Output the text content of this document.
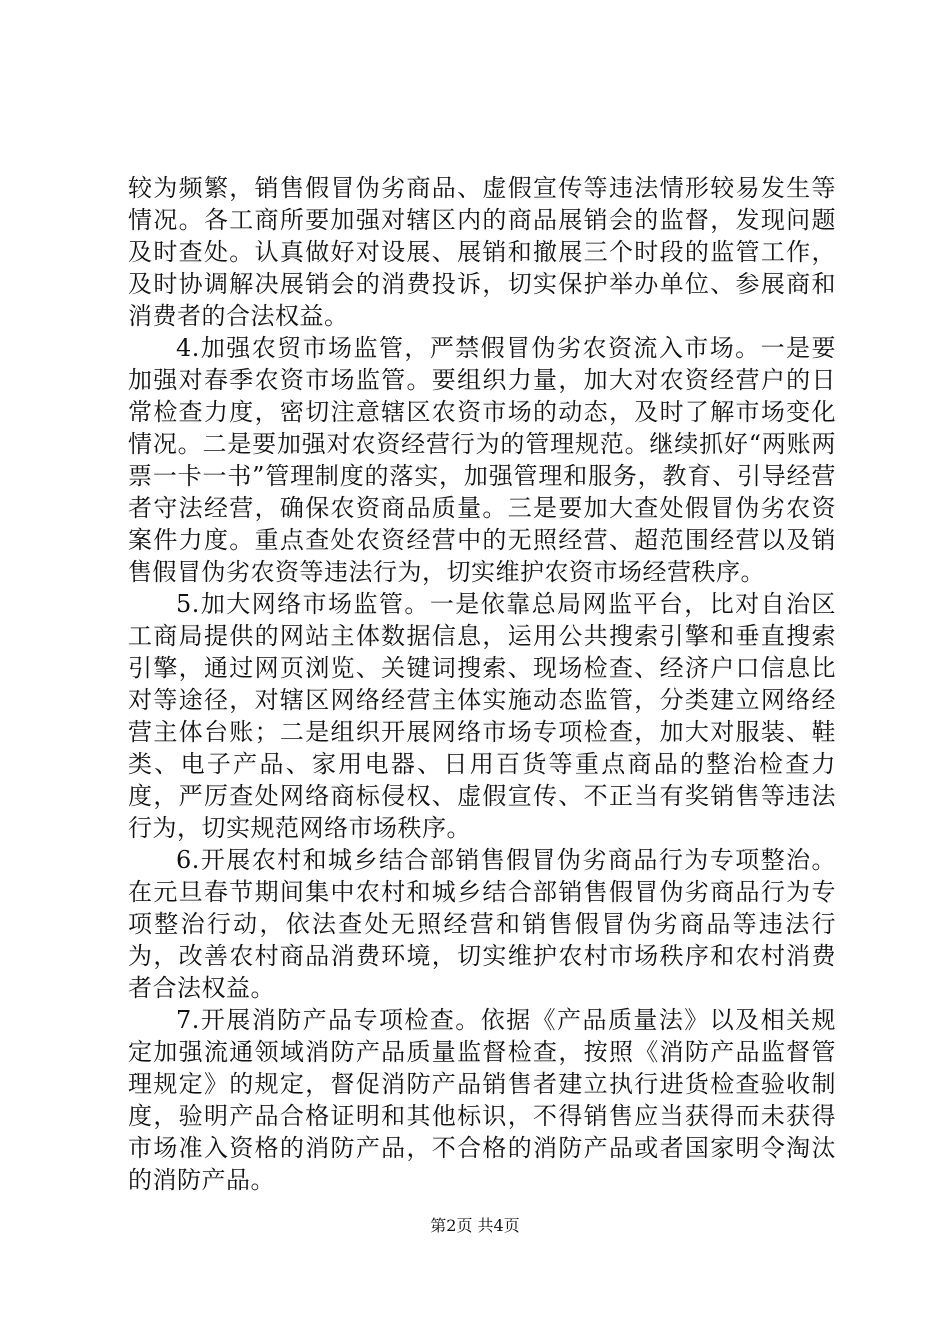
较为频繁，销售假冒伪劣商品、虚假宣传等违法情形较易发生等情况。各工商所要加强对辖区内的商品展销会的监督，发现问题及时查处。认真做好对设展、展销和撤展三个时段的监管工作，及时协调解决展销会的消费投诉，切实保护举办单位、参展商和消费者的合法权益。

4.加强农贸市场监管，严禁假冒伪劣农资流入市场。一是要加强对春季农资市场监管。要组织力量，加大对农资经营户的日常检查力度，密切注意辖区农资市场的动态，及时了解市场变化情况。二是要加强对农资经营行为的管理规范。继续抓好“两账两票一卡一书”管理制度的落实，加强管理和服务，教育、引导经营者守法经营，确保农资商品质量。三是要加大查处假冒伪劣农资案件力度。重点查处农资经营中的无照经营、超范围经营以及销售假冒伪劣农资等违法行为，切实维护农资市场经营秩序。

5.加大网络市场监管。一是依靠总局网监平台，比对自治区工商局提供的网站主体数据信息，运用公共搜索引擎和垂直搜索引擎，通过网页浏览、关键词搜索、现场检查、经济户口信息比对等途径，对辖区网络经营主体实施动态监管，分类建立网络经营主体台账；二是组织开展网络市场专项检查，加大对服装、鞋类、电子产品、家用电器、日用百货等重点商品的整治检查力度，严厉查处网络商标侵权、虚假宣传、不正当有奖销售等违法行为，切实规范网络市场秩序。

6.开展农村和城乡结合部销售假冒伪劣商品行为专项整治。在元旦春节期间集中农村和城乡结合部销售假冒伪劣商品行为专项整治行动，依法查处无照经营和销售假冒伪劣商品等违法行为，改善农村商品消费环境，切实维护农村市场秩序和农村消费者合法权益。

7.开展消防产品专项检查。依据《产品质量法》以及相关规定加强流通领域消防产品质量监督检查，按照《消防产品监督管理规定》的规定，督促消防产品销售者建立执行进货检查验收制度，验明产品合格证明和其他标识，不得销售应当获得而未获得市场准入资格的消防产品，不合格的消防产品或者国家明令淘汰的消防产品。

第2页 共4页
